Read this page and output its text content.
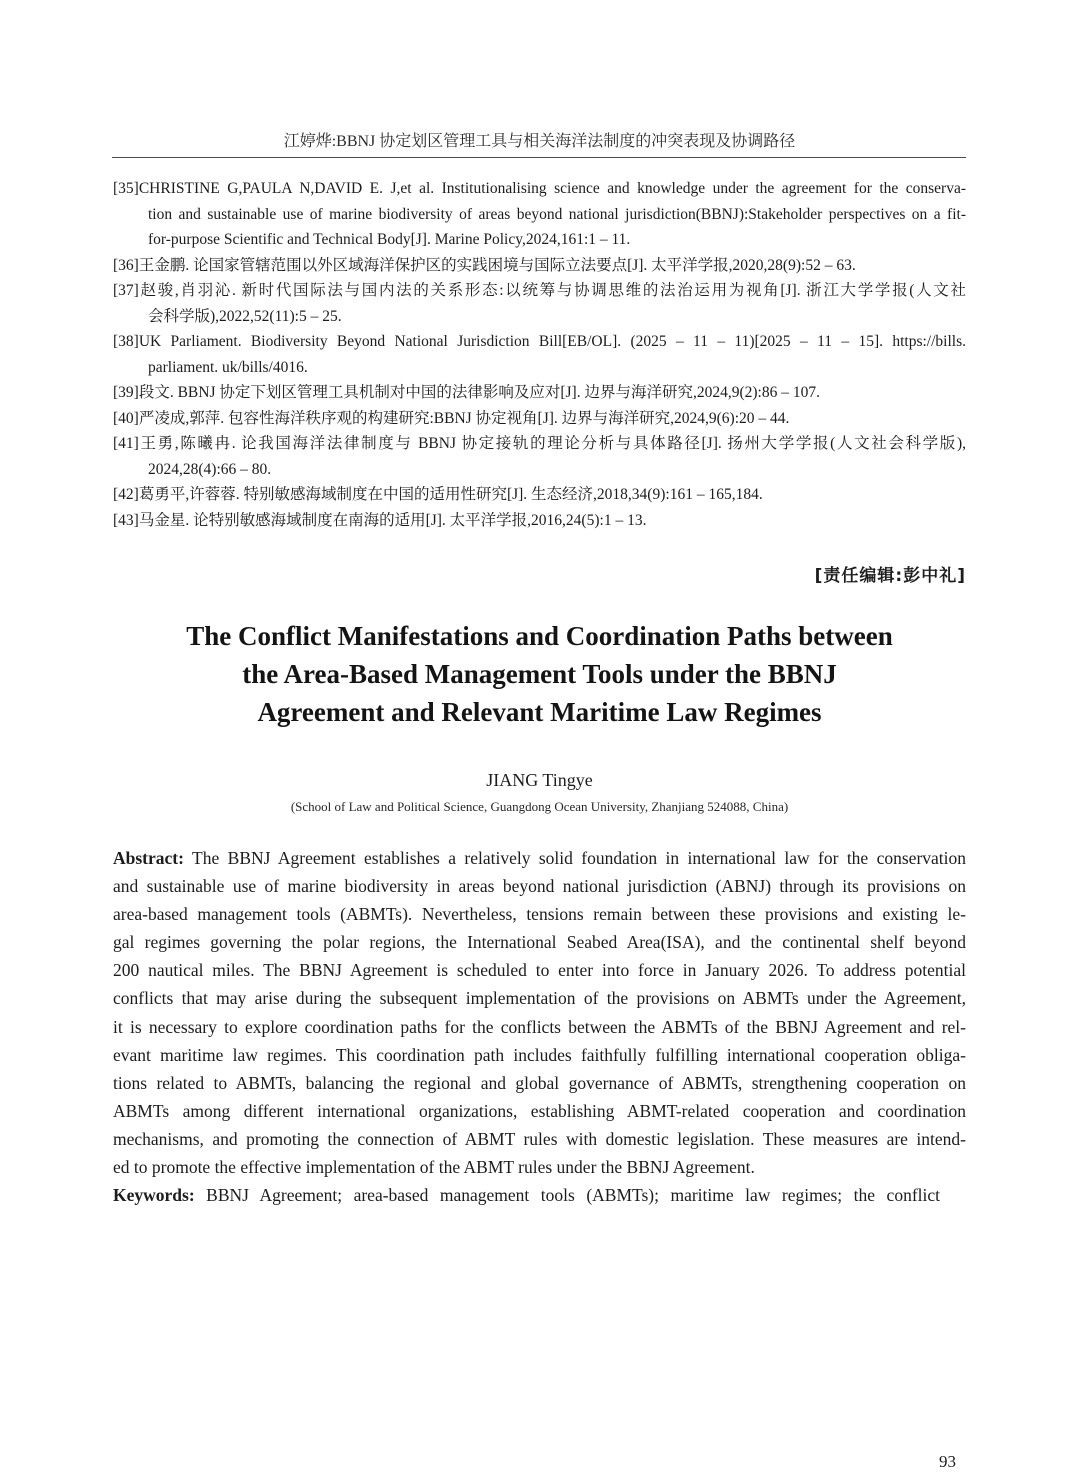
江婷烨:BBNJ 协定划区管理工具与相关海洋法制度的冲突表现及协调路径
[35]CHRISTINE G,PAULA N,DAVID E. J,et al. Institutionalising science and knowledge under the agreement for the conserva-
tion and sustainable use of marine biodiversity of areas beyond national jurisdiction(BBNJ):Stakeholder perspectives on a fit-
for-purpose Scientific and Technical Body[J]. Marine Policy,2024,161:1 – 11.
[36]王金鹏. 论国家管辖范围以外区域海洋保护区的实践困境与国际立法要点[J]. 太平洋学报,2020,28(9):52 – 63.
[37]赵骏,肖羽沁. 新时代国际法与国内法的关系形态:以统筹与协调思维的法治运用为视角[J]. 浙江大学学报(人文社
会科学版),2022,52(11):5 – 25.
[38]UK Parliament. Biodiversity Beyond National Jurisdiction Bill[EB/OL]. (2025 – 11 – 11)[2025 – 11 – 15]. https://bills.
parliament. uk/bills/4016.
[39]段文. BBNJ 协定下划区管理工具机制对中国的法律影响及应对[J]. 边界与海洋研究,2024,9(2):86 – 107.
[40]严凌成,郭萍. 包容性海洋秩序观的构建研究:BBNJ 协定视角[J]. 边界与海洋研究,2024,9(6):20 – 44.
[41]王勇,陈曦冉. 论我国海洋法律制度与 BBNJ 协定接轨的理论分析与具体路径[J]. 扬州大学学报(人文社会科学版),
2024,28(4):66 – 80.
[42]葛勇平,许蓉蓉. 特别敏感海域制度在中国的适用性研究[J]. 生态经济,2018,34(9):161 – 165,184.
[43]马金星. 论特别敏感海域制度在南海的适用[J]. 太平洋学报,2016,24(5):1 – 13.
[责任编辑:彭中礼]
The Conflict Manifestations and Coordination Paths between
the Area-Based Management Tools under the BBNJ
Agreement and Relevant Maritime Law Regimes
JIANG Tingye
(School of Law and Political Science, Guangdong Ocean University, Zhanjiang 524088, China)
Abstract: The BBNJ Agreement establishes a relatively solid foundation in international law for the conservation
and sustainable use of marine biodiversity in areas beyond national jurisdiction (ABNJ) through its provisions on
area-based management tools (ABMTs). Nevertheless, tensions remain between these provisions and existing le-
gal regimes governing the polar regions, the International Seabed Area(ISA), and the continental shelf beyond
200 nautical miles. The BBNJ Agreement is scheduled to enter into force in January 2026. To address potential
conflicts that may arise during the subsequent implementation of the provisions on ABMTs under the Agreement,
it is necessary to explore coordination paths for the conflicts between the ABMTs of the BBNJ Agreement and rel-
evant maritime law regimes. This coordination path includes faithfully fulfilling international cooperation obliga-
tions related to ABMTs, balancing the regional and global governance of ABMTs, strengthening cooperation on
ABMTs among different international organizations, establishing ABMT-related cooperation and coordination
mechanisms, and promoting the connection of ABMT rules with domestic legislation. These measures are intend-
ed to promote the effective implementation of the ABMT rules under the BBNJ Agreement.
Keywords: BBNJ Agreement; area-based management tools (ABMTs); maritime law regimes; the conflict
93
